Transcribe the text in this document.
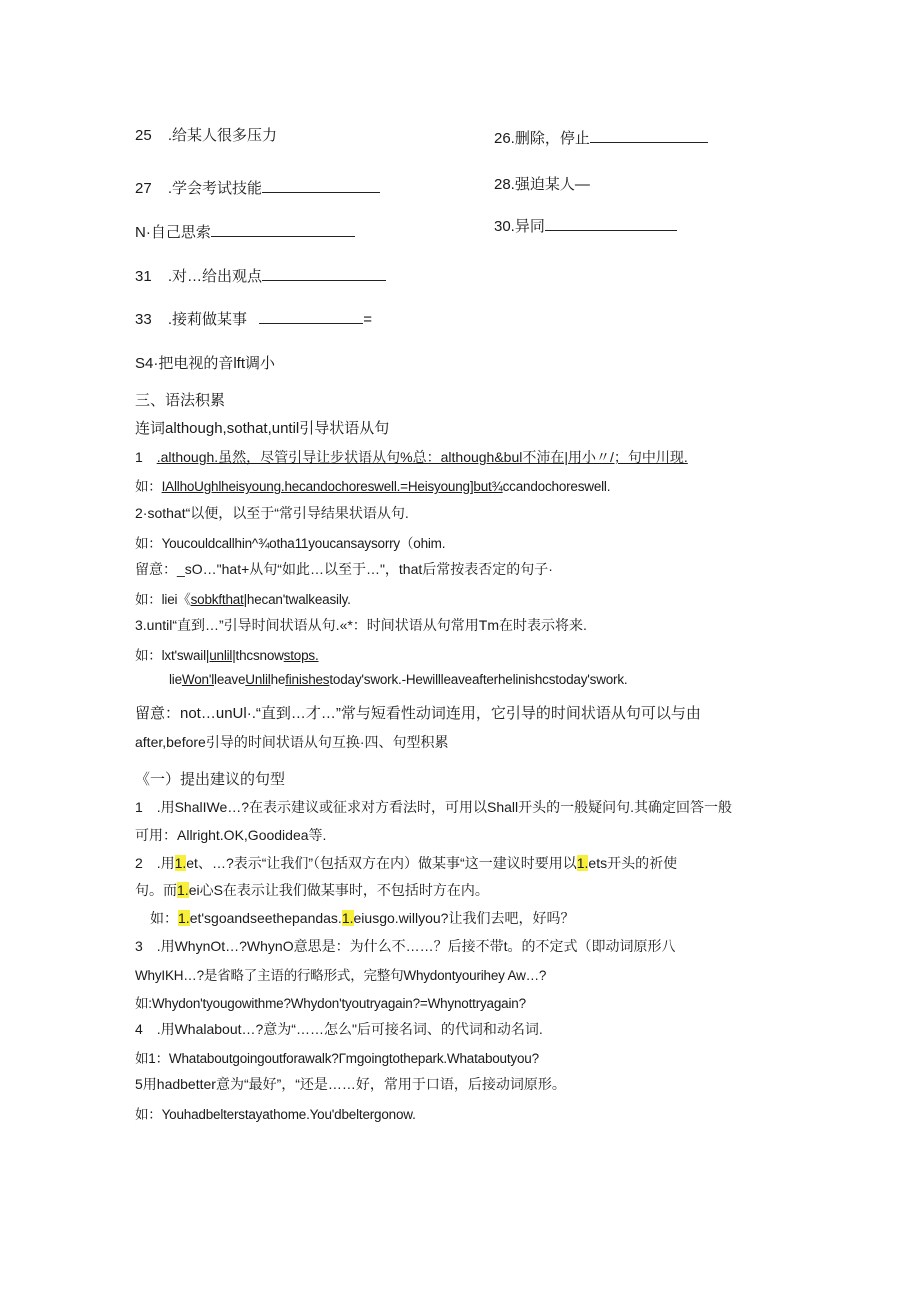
25 .给某人很多压力	26.删除，停止
27 .学会考试技能	28.强迫某人—
N·自己思索	30.异同
31 .对…给出观点
33 .接莉做某事	=
S4·把电视的音lft调小
三、语法积累
连词although,sothat,until引导状语从句
1 .although.虽然，尽管引导让步状语从句%总：although&bul不沛在|用小〃/；句中川现.
如：IAllhoUghlheisyoung.hecandochoreswell.=Heisyoung]but¾ccandochoreswell.
2·sothat“以便，以至于“常引导结果状语从句.
如：Youcouldcallhin^¾otha11youcansaysorry（ohim.
留意：_sO…"hat+从句“如此…以至于…"，that后常按表否定的句子·
如：liei《sobkfthat|hecan'twalkeasily.
3.until“直到…”引导时间状语从句.«*：时间状语从句常用Tm在时表示将来.
如：lxt'swail|unlil|thcsnowstops.
lieWon'lleaveUnlilhefinishestoday'swork.-Hewillleaveafterhelinishcstoday'swork.
留意：not…unUl·.“直到…才…”常与短看性动词连用，它引导的时间状语从句可以与由
after,before引导的时间状语从句互换·四、句型积累
《一）提出建议的句型
1 .用ShalIWe…?在表示建议或征求对方看法时，可用以Shall开头的一般疑问句.其确定回答一般
可用：Allright.OK,Goodidea等.
2 .用1.et、…?表示“让我们”（包括双方在内）做某事“这一建议时要用以1.ets开头的祈使
句。而1.ei心S在表示让我们做某事时，不包括时方在内。
如：1.et'sgoandseethepandas.1.eiusgo.willyou?让我们去吧，好吗？
3 .用WhynOt…?WhynO意思是：为什么不……？后接不带t。的不定式（即动词原形八
WhyIKH…?是省略了主语的行略形式，完整句Whydontyourihey Aw…?
如:Whydon'tyougowithme?Whydon'tyoutryagain?=Whynottryagain?
4 .用Whalabout…?意为“……怎么"后可接名词、的代词和动名词.
如1：Whataboutgoingoutforawalk?Γmgoingtothepark.Whataboutyou?
5用hadbetter意为“最好”，“还是……好，常用于口语，后接动词原形。
如：Youhadbelterstayathome.You'dbeltergonow.
